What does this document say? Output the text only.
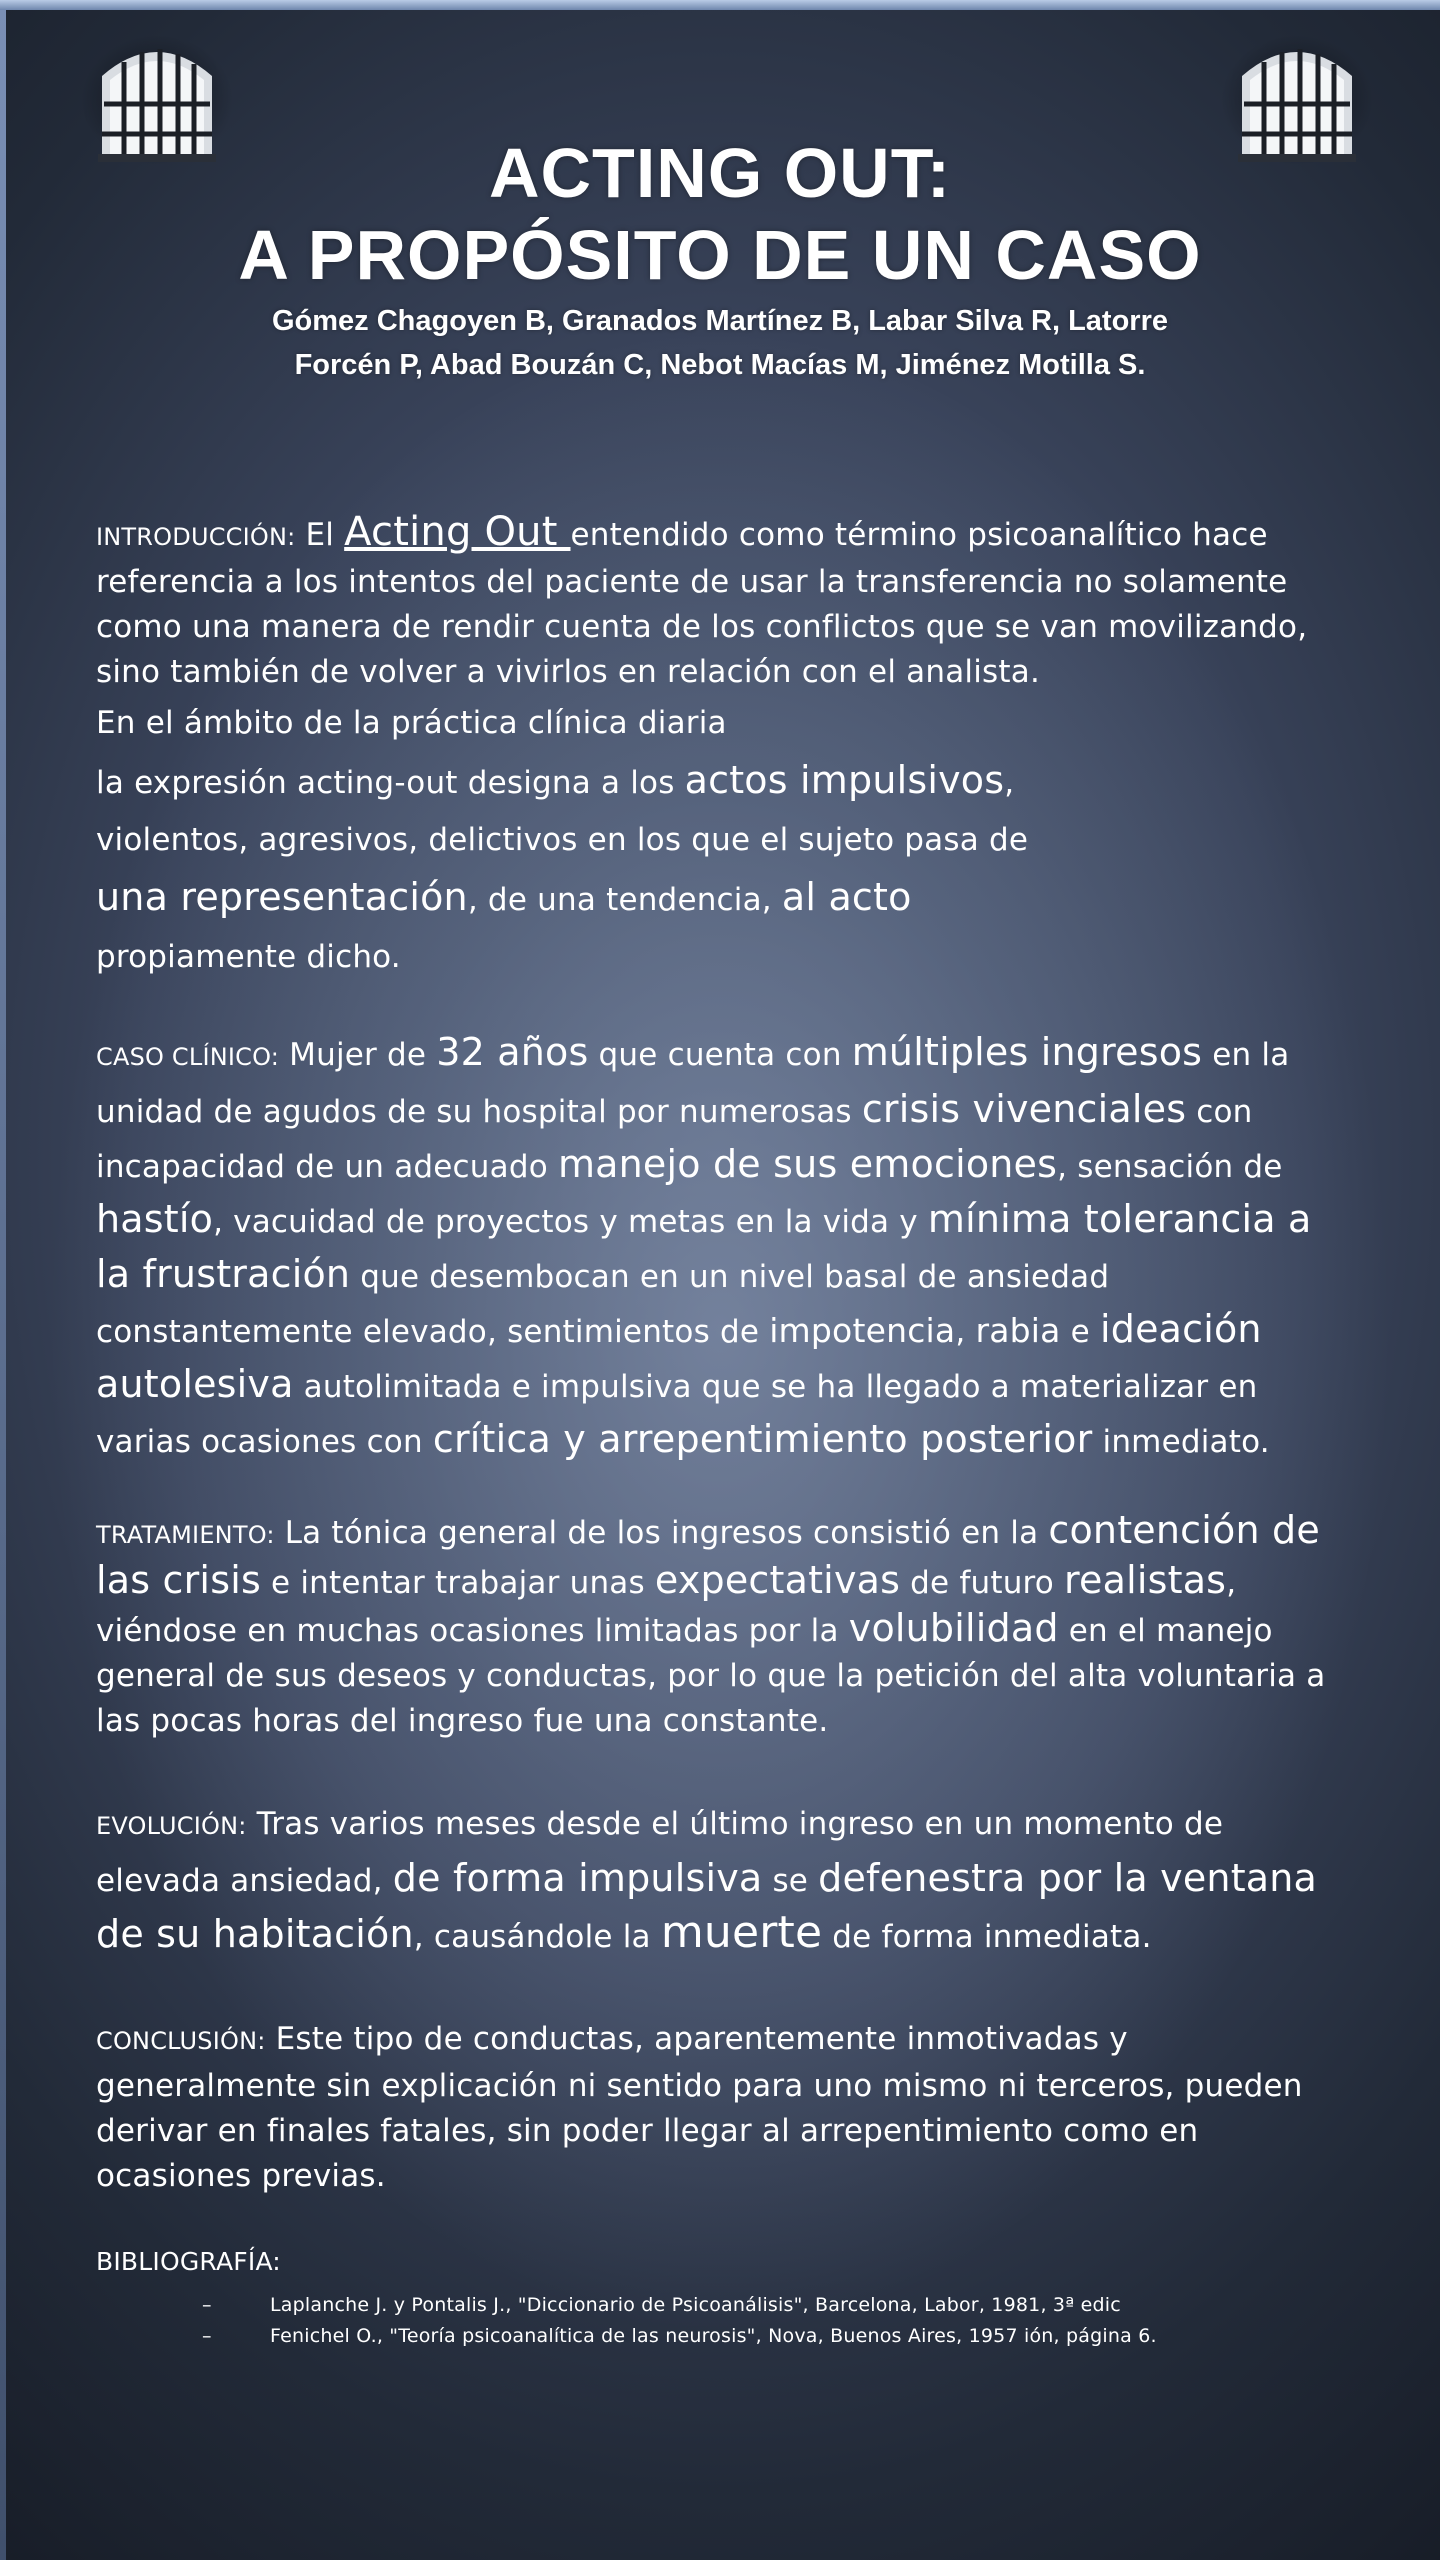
ACTING OUT:
A PROPÓSITO DE UN CASO
Gómez Chagoyen B, Granados Martínez B, Labar Silva R, Latorre
Forcén P, Abad Bouzán C, Nebot Macías M, Jiménez Motilla S.

INTRODUCCIÓN: El Acting Out entendido como término psicoanalítico hace referencia a los intentos del paciente de usar la transferencia no solamente como una manera de rendir cuenta de los conflictos que se van movilizando, sino también de volver a vivirlos en relación con el analista.

En el ámbito de la práctica clínica diaria
la expresión acting-out designa a los actos impulsivos,
violentos, agresivos, delictivos en los que el sujeto pasa de
una representación, de una tendencia, al acto
propiamente dicho.

CASO CLÍNICO: Mujer de 32 años que cuenta con múltiples ingresos en la unidad de agudos de su hospital por numerosas crisis vivenciales con incapacidad de un adecuado manejo de sus emociones, sensación de hastío, vacuidad de proyectos y metas en la vida y mínima tolerancia a la frustración que desembocan en un nivel basal de ansiedad constantemente elevado, sentimientos de impotencia, rabia e ideación autolesiva autolimitada e impulsiva que se ha llegado a materializar en varias ocasiones con crítica y arrepentimiento posterior inmediato.

TRATAMIENTO: La tónica general de los ingresos consistió en la contención de las crisis e intentar trabajar unas expectativas de futuro realistas, viéndose en muchas ocasiones limitadas por la volubilidad en el manejo general de sus deseos y conductas, por lo que la petición del alta voluntaria a las pocas horas del ingreso fue una constante.

EVOLUCIÓN: Tras varios meses desde el último ingreso en un momento de elevada ansiedad, de forma impulsiva se defenestra por la ventana de su habitación, causándole la muerte de forma inmediata.

CONCLUSIÓN: Este tipo de conductas, aparentemente inmotivadas y generalmente sin explicación ni sentido para uno mismo ni terceros, pueden derivar en finales fatales, sin poder llegar al arrepentimiento como en ocasiones previas.

BIBLIOGRAFÍA:
–	Laplanche J. y Pontalis J., "Diccionario de Psicoanálisis", Barcelona, Labor, 1981, 3ª edic
–	Fenichel O., "Teoría psicoanalítica de las neurosis", Nova, Buenos Aires, 1957 ión, página 6.
